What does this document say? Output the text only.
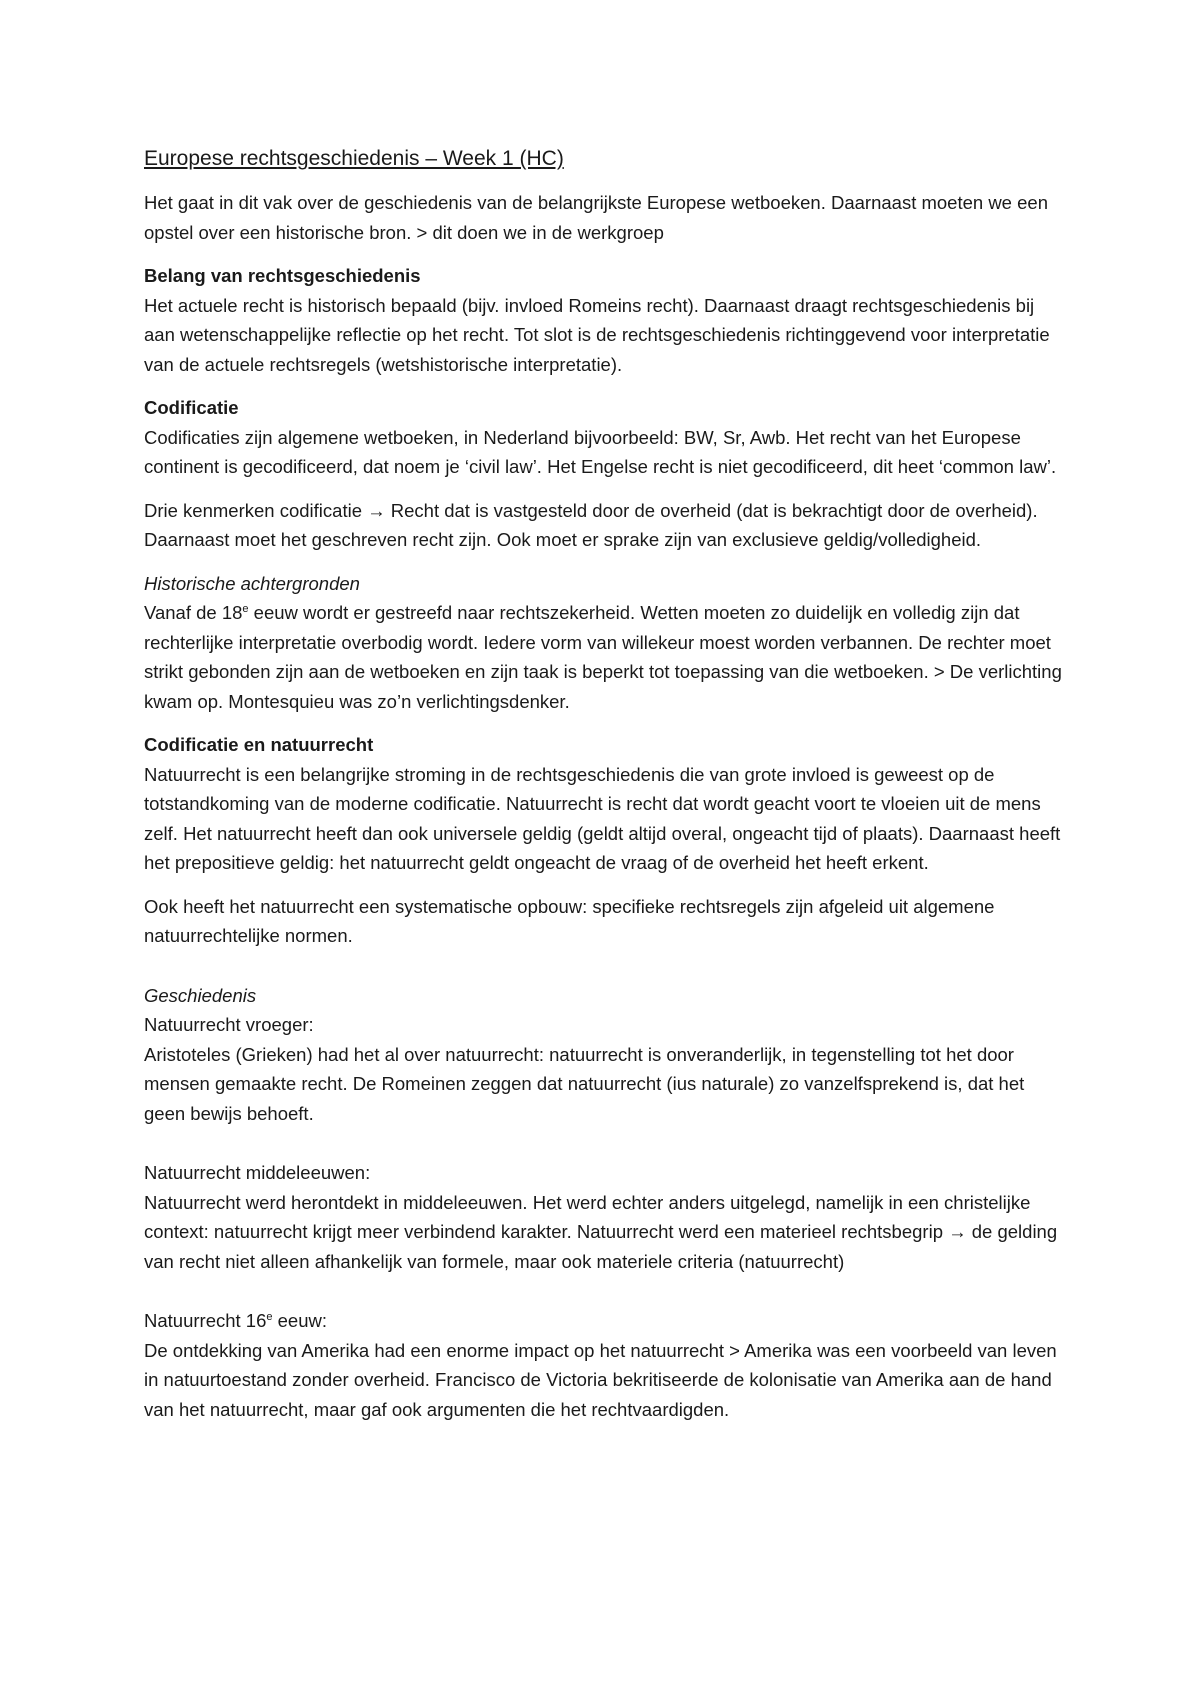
Europese rechtsgeschiedenis – Week 1 (HC)

Het gaat in dit vak over de geschiedenis van de belangrijkste Europese wetboeken. Daarnaast moeten we een opstel over een historische bron. > dit doen we in de werkgroep

Belang van rechtsgeschiedenis
Het actuele recht is historisch bepaald (bijv. invloed Romeins recht). Daarnaast draagt rechtsgeschiedenis bij aan wetenschappelijke reflectie op het recht. Tot slot is de rechtsgeschiedenis richtinggevend voor interpretatie van de actuele rechtsregels (wetshistorische interpretatie).

Codificatie
Codificaties zijn algemene wetboeken, in Nederland bijvoorbeeld: BW, Sr, Awb. Het recht van het Europese continent is gecodificeerd, dat noem je ‘civil law’. Het Engelse recht is niet gecodificeerd, dit heet ‘common law’.

Drie kenmerken codificatie → Recht dat is vastgesteld door de overheid (dat is bekrachtigt door de overheid). Daarnaast moet het geschreven recht zijn. Ook moet er sprake zijn van exclusieve geldig/volledigheid.

Historische achtergronden
Vanaf de 18e eeuw wordt er gestreefd naar rechtszekerheid. Wetten moeten zo duidelijk en volledig zijn dat rechterlijke interpretatie overbodig wordt. Iedere vorm van willekeur moest worden verbannen. De rechter moet strikt gebonden zijn aan de wetboeken en zijn taak is beperkt tot toepassing van die wetboeken. > De verlichting kwam op. Montesquieu was zo’n verlichtingsdenker.

Codificatie en natuurrecht
Natuurrecht is een belangrijke stroming in de rechtsgeschiedenis die van grote invloed is geweest op de totstandkoming van de moderne codificatie. Natuurrecht is recht dat wordt geacht voort te vloeien uit de mens zelf. Het natuurrecht heeft dan ook universele geldig (geldt altijd overal, ongeacht tijd of plaats). Daarnaast heeft het prepositieve geldig: het natuurrecht geldt ongeacht de vraag of de overheid het heeft erkent.

Ook heeft het natuurrecht een systematische opbouw: specifieke rechtsregels zijn afgeleid uit algemene natuurrechtelijke normen.

Geschiedenis
Natuurrecht vroeger:
Aristoteles (Grieken) had het al over natuurrecht: natuurrecht is onveranderlijk, in tegenstelling tot het door mensen gemaakte recht. De Romeinen zeggen dat natuurrecht (ius naturale) zo vanzelfsprekend is, dat het geen bewijs behoeft.

Natuurrecht middeleeuwen:
Natuurrecht werd herontdekt in middeleeuwen. Het werd echter anders uitgelegd, namelijk in een christelijke context: natuurrecht krijgt meer verbindend karakter. Natuurrecht werd een materieel rechtsbegrip → de gelding van recht niet alleen afhankelijk van formele, maar ook materiele criteria (natuurrecht)

Natuurrecht 16e eeuw:
De ontdekking van Amerika had een enorme impact op het natuurrecht > Amerika was een voorbeeld van leven in natuurtoestand zonder overheid. Francisco de Victoria bekritiseerde de kolonisatie van Amerika aan de hand van het natuurrecht, maar gaf ook argumenten die het rechtvaardigden.
